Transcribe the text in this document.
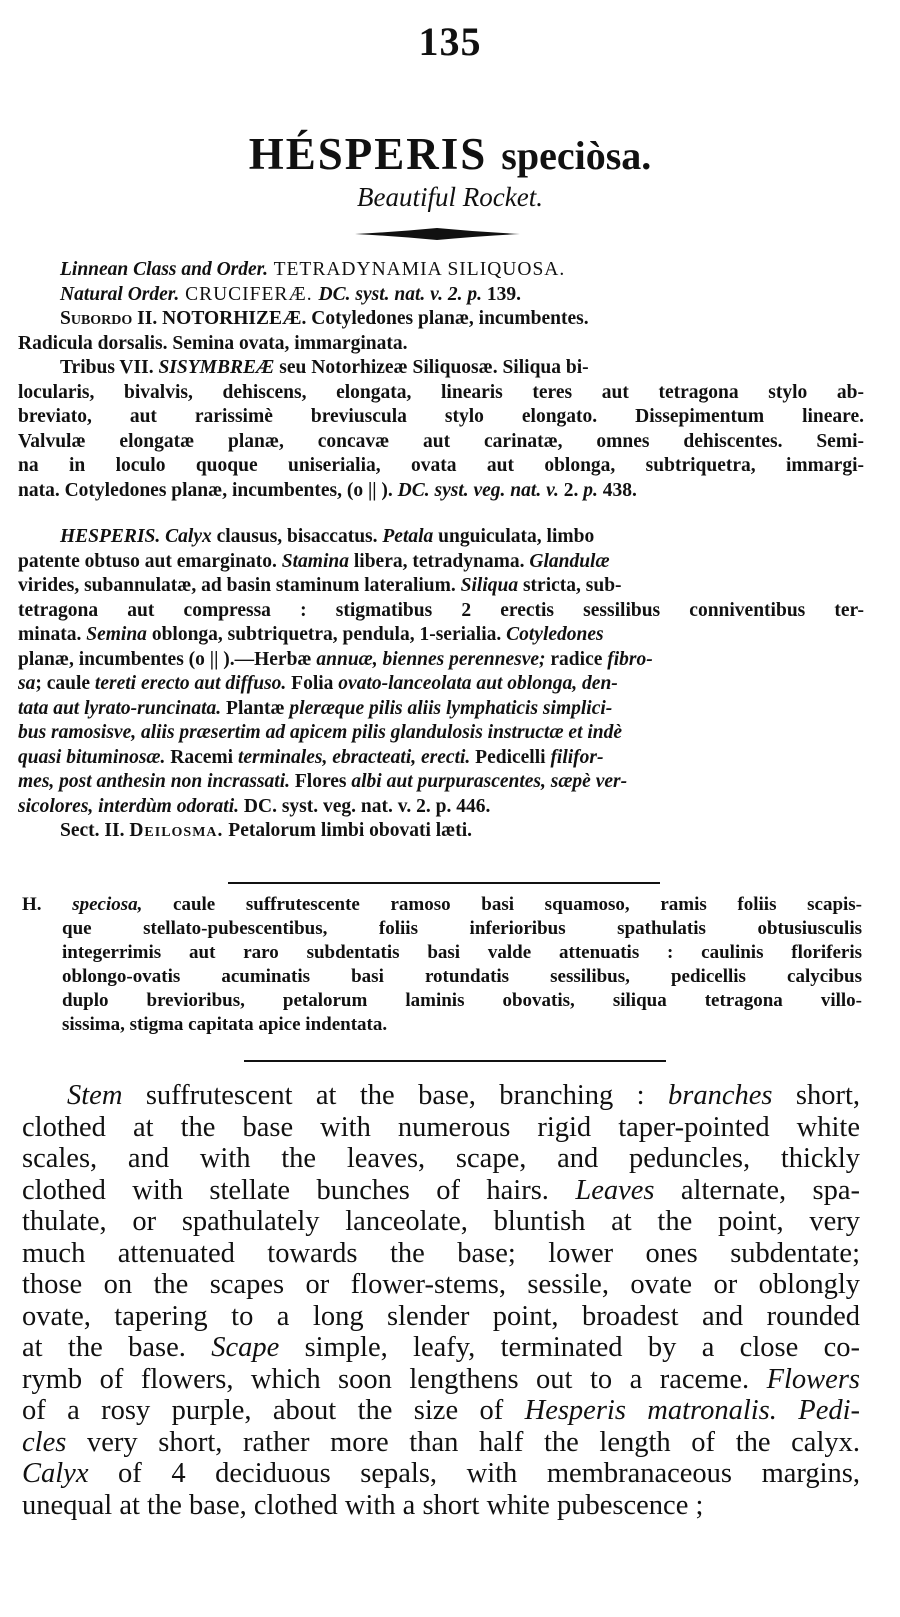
135
HÉSPERIS speciòsa.
Beautiful Rocket.
Linnean Class and Order. TETRADYNAMIA SILIQUOSA.
Natural Order. CRUCIFERÆ. DC. syst. nat. v. 2. p. 139.
Subordo II. NOTORHIZEÆ. Cotyledones planæ, incumbentes.
Radicula dorsalis. Semina ovata, immarginata.
Tribus VII. SISYMBREÆ seu Notorhizeæ Siliquosæ. Siliqua bi-
locularis, bivalvis, dehiscens, elongata, linearis teres aut tetragona stylo ab-
breviato, aut rarissimè breviuscula stylo elongato. Dissepimentum lineare.
Valvulæ elongatæ planæ, concavæ aut carinatæ, omnes dehiscentes. Semi-
na in loculo quoque uniserialia, ovata aut oblonga, subtriquetra, immargi-
nata. Cotyledones planæ, incumbentes, (o || ). DC. syst. veg. nat. v. 2. p. 438.
HESPERIS. Calyx clausus, bisaccatus. Petala unguiculata, limbo
patente obtuso aut emarginato. Stamina libera, tetradynama. Glandulæ
virides, subannulatæ, ad basin staminum lateralium. Siliqua stricta, sub-
tetragona aut compressa : stigmatibus 2 erectis sessilibus conniventibus ter-
minata. Semina oblonga, subtriquetra, pendula, 1-serialia. Cotyledones
planæ, incumbentes (o || ).—Herbæ annuæ, biennes perennesve; radice fibro-
sa; caule tereti erecto aut diffuso. Folia ovato-lanceolata aut oblonga, den-
tata aut lyrato-runcinata. Plantæ pleræque pilis aliis lymphaticis simplici-
bus ramosisve, aliis præsertim ad apicem pilis glandulosis instructæ et indè
quasi bituminosæ. Racemi terminales, ebracteati, erecti. Pedicelli filifor-
mes, post anthesin non incrassati. Flores albi aut purpurascentes, sæpè ver-
sicolores, interdùm odorati. DC. syst. veg. nat. v. 2. p. 446.
Sect. II. Deilosma. Petalorum limbi obovati læti.
H. speciosa, caule suffrutescente ramoso basi squamoso, ramis foliis scapis-
que stellato-pubescentibus, foliis inferioribus spathulatis obtusiusculis
integerrimis aut raro subdentatis basi valde attenuatis : caulinis floriferis
oblongo-ovatis acuminatis basi rotundatis sessilibus, pedicellis calycibus
duplo brevioribus, petalorum laminis obovatis, siliqua tetragona villo-
sissima, stigma capitata apice indentata.
Stem suffrutescent at the base, branching : branches short,
clothed at the base with numerous rigid taper-pointed white
scales, and with the leaves, scape, and peduncles, thickly
clothed with stellate bunches of hairs. Leaves alternate, spa-
thulate, or spathulately lanceolate, bluntish at the point, very
much attenuated towards the base; lower ones subdentate;
those on the scapes or flower-stems, sessile, ovate or oblongly
ovate, tapering to a long slender point, broadest and rounded
at the base. Scape simple, leafy, terminated by a close co-
rymb of flowers, which soon lengthens out to a raceme. Flowers
of a rosy purple, about the size of Hesperis matronalis. Pedi-
cles very short, rather more than half the length of the calyx.
Calyx of 4 deciduous sepals, with membranaceous margins,
unequal at the base, clothed with a short white pubescence ;
